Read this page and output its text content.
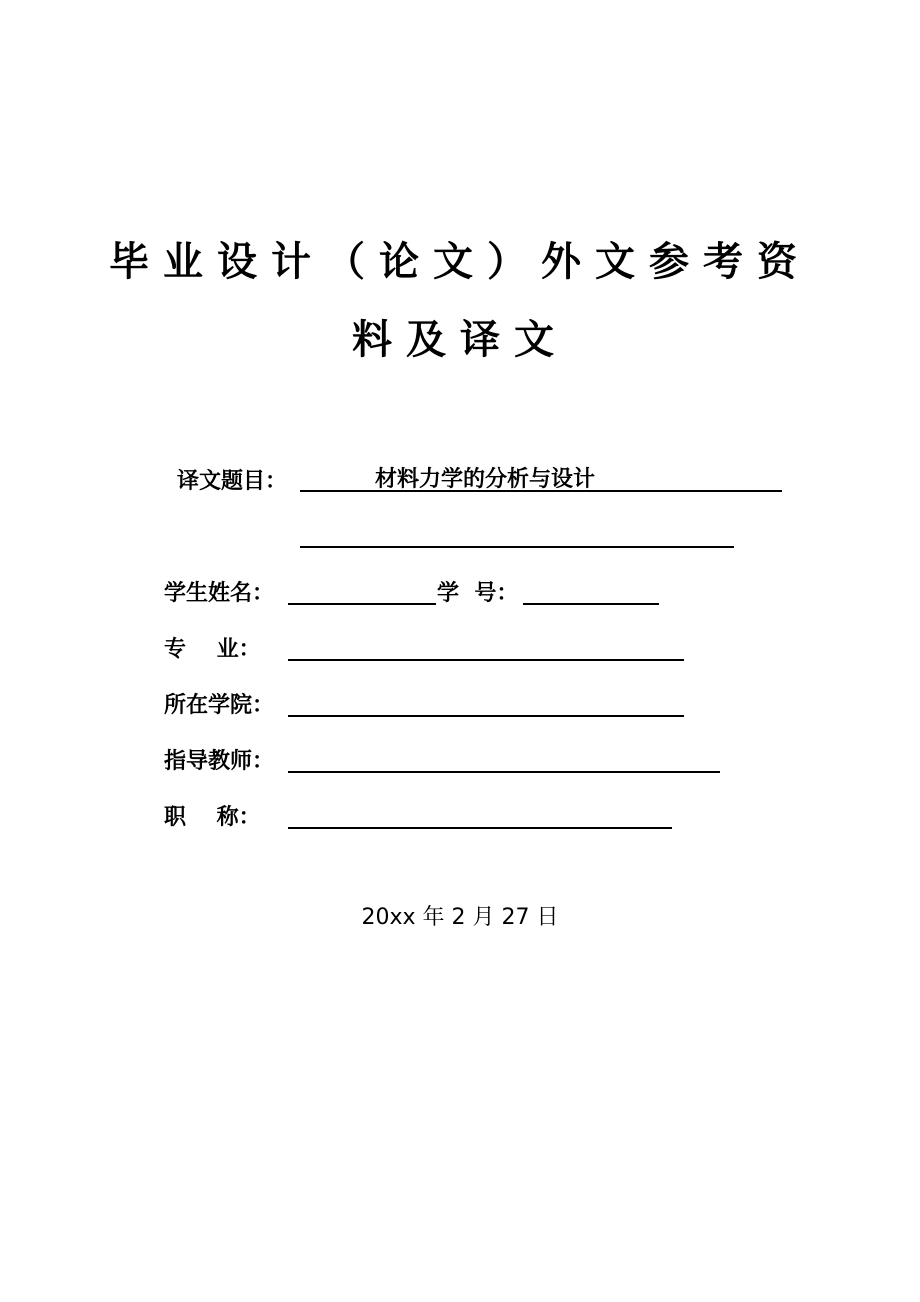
毕业设计（论文）外文参考资
料及译文
译文题目：	材料力学的分析与设计
学生姓名：	学  号：
专    业：
所在学院：
指导教师：
职    称：
20xx 年 2 月 27 日
